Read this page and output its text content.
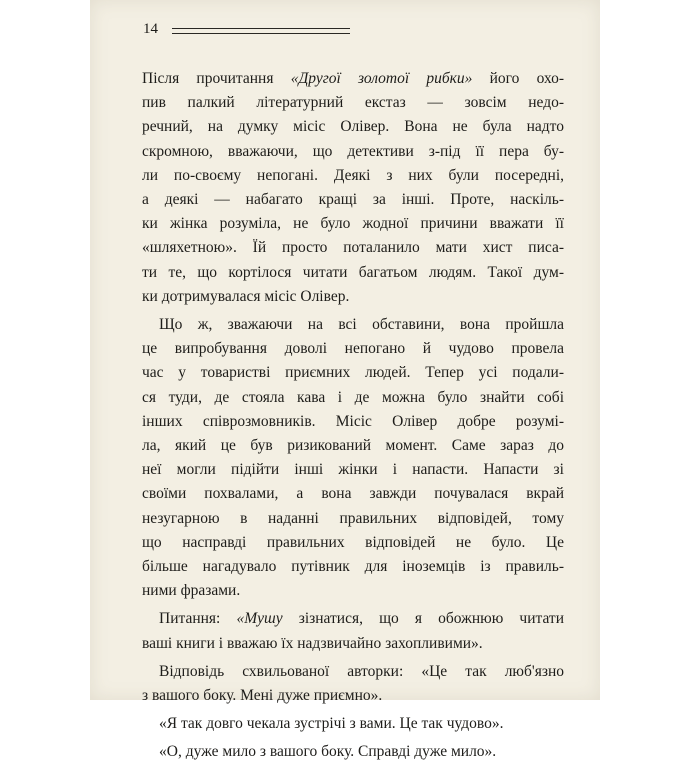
14
Після прочитання «Другої золотої рибки» його охо-
пив палкий літературний екстаз — зовсім недо-
речний, на думку місіс Олівер. Вона не була надто
скромною, вважаючи, що детективи з-під її пера бу-
ли по-своєму непогані. Деякі з них були посередні,
а деякі — набагато кращі за інші. Проте, наскіль-
ки жінка розуміла, не було жодної причини вважати її
«шляхетною». Їй просто поталанило мати хист писа-
ти те, що кортілося читати багатьом людям. Такої дум-
ки дотримувалася місіс Олівер.
Що ж, зважаючи на всі обставини, вона пройшла
це випробування доволі непогано й чудово провела
час у товаристві приємних людей. Тепер усі подали-
ся туди, де стояла кава і де можна було знайти собі
інших співрозмовників. Місіс Олівер добре розумі-
ла, який це був ризикований момент. Саме зараз до
неї могли підійти інші жінки і напасти. Напасти зі
своїми похвалами, а вона завжди почувалася вкрай
незугарною в наданні правильних відповідей, тому
що насправді правильних відповідей не було. Це
більше нагадувало путівник для іноземців із правиль-
ними фразами.
Питання: «Мушу зізнатися, що я обожнюю читати
ваші книги і вважаю їх надзвичайно захопливими».
Відповідь схвильованої авторки: «Це так люб'язно
з вашого боку. Мені дуже приємно».
«Я так довго чекала зустрічі з вами. Це так чудово».
«О, дуже мило з вашого боку. Справді дуже мило».
